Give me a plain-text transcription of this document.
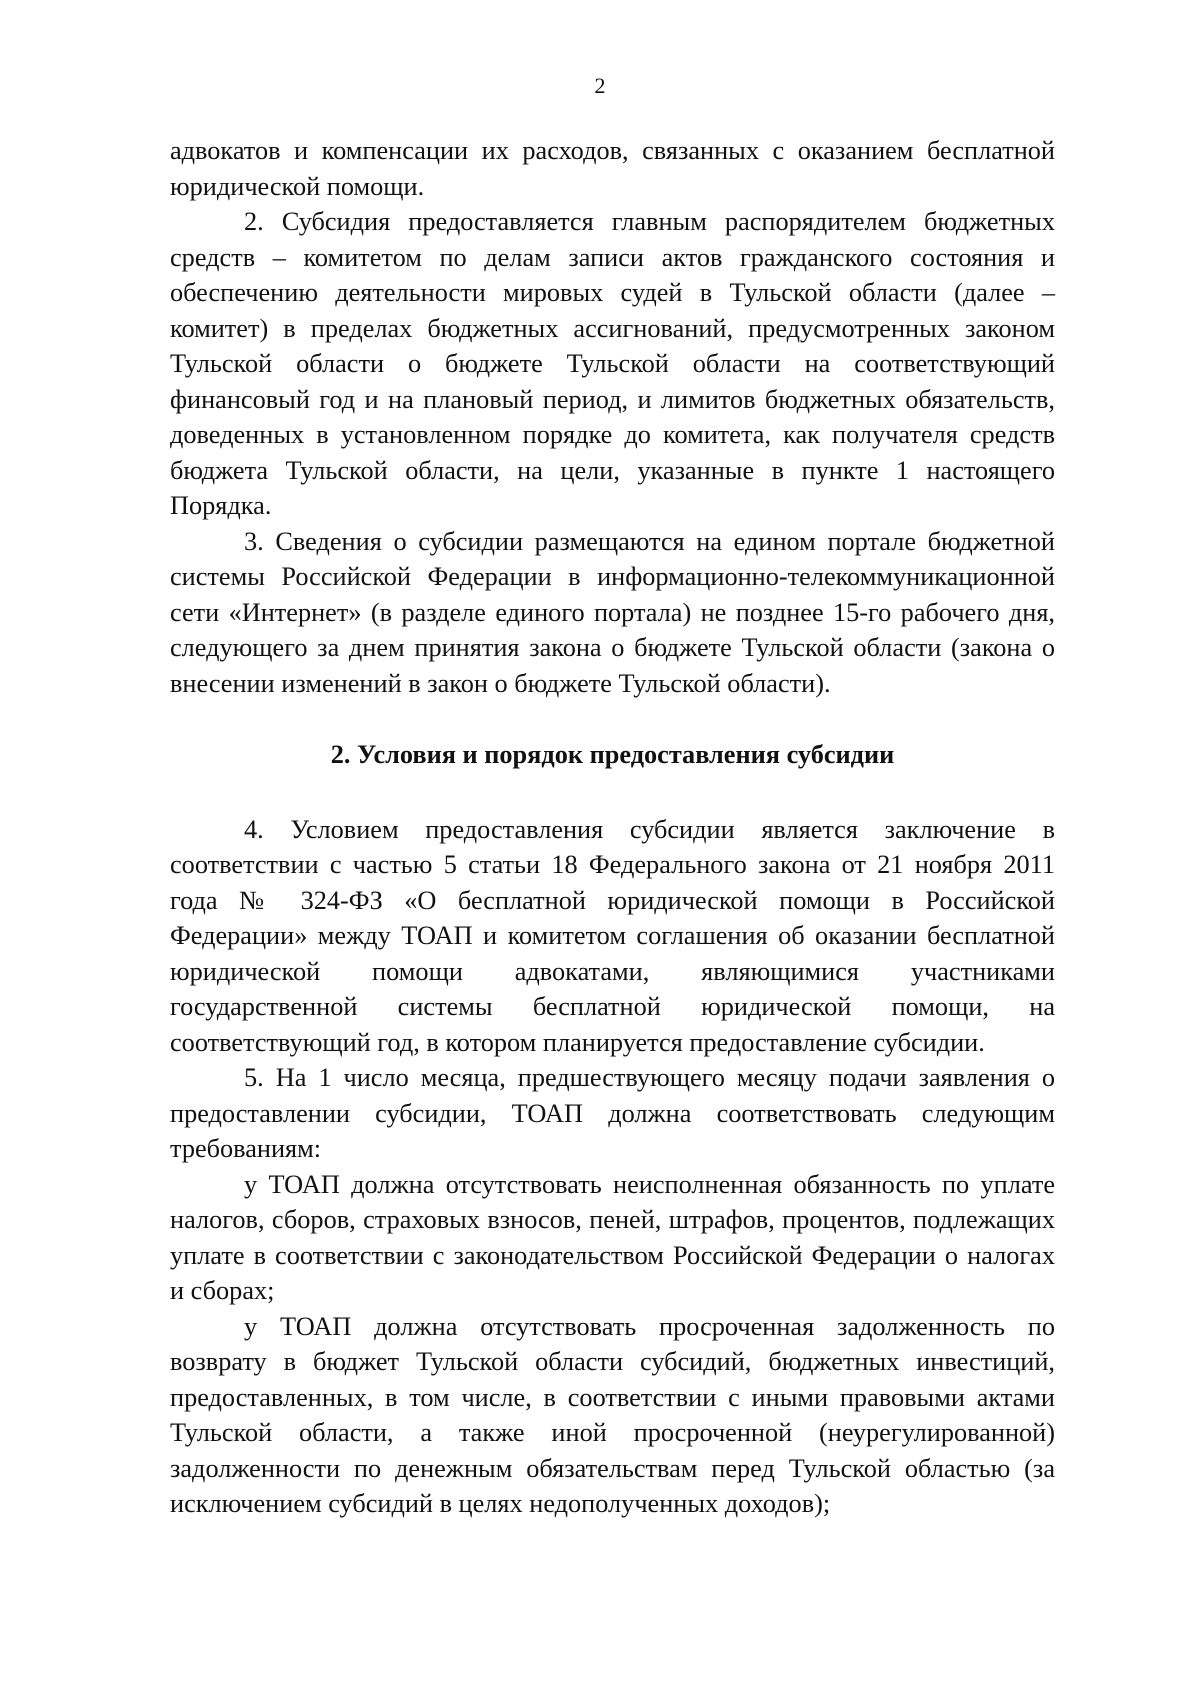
2

адвокатов и компенсации их расходов, связанных с оказанием бесплатной юридической помощи.

2. Субсидия предоставляется главным распорядителем бюджетных средств – комитетом по делам записи актов гражданского состояния и обеспечению деятельности мировых судей в Тульской области (далее – комитет) в пределах бюджетных ассигнований, предусмотренных законом Тульской области о бюджете Тульской области на соответствующий финансовый год и на плановый период, и лимитов бюджетных обязательств, доведенных в установленном порядке до комитета, как получателя средств бюджета Тульской области, на цели, указанные в пункте 1 настоящего Порядка.

3. Сведения о субсидии размещаются на едином портале бюджетной системы Российской Федерации в информационно-телекоммуникационной сети «Интернет» (в разделе единого портала) не позднее 15-го рабочего дня, следующего за днем принятия закона о бюджете Тульской области (закона о внесении изменений в закон о бюджете Тульской области).

2. Условия и порядок предоставления субсидии

4. Условием предоставления субсидии является заключение в соответствии с частью 5 статьи 18 Федерального закона от 21 ноября 2011 года № 324-ФЗ «О бесплатной юридической помощи в Российской Федерации» между ТОАП и комитетом соглашения об оказании бесплатной юридической помощи адвокатами, являющимися участниками государственной системы бесплатной юридической помощи, на соответствующий год, в котором планируется предоставление субсидии.

5. На 1 число месяца, предшествующего месяцу подачи заявления о предоставлении субсидии, ТОАП должна соответствовать следующим требованиям:

у ТОАП должна отсутствовать неисполненная обязанность по уплате налогов, сборов, страховых взносов, пеней, штрафов, процентов, подлежащих уплате в соответствии с законодательством Российской Федерации о налогах и сборах;

у ТОАП должна отсутствовать просроченная задолженность по возврату в бюджет Тульской области субсидий, бюджетных инвестиций, предоставленных, в том числе, в соответствии с иными правовыми актами Тульской области, а также иной просроченной (неурегулированной) задолженности по денежным обязательствам перед Тульской областью (за исключением субсидий в целях недополученных доходов);
